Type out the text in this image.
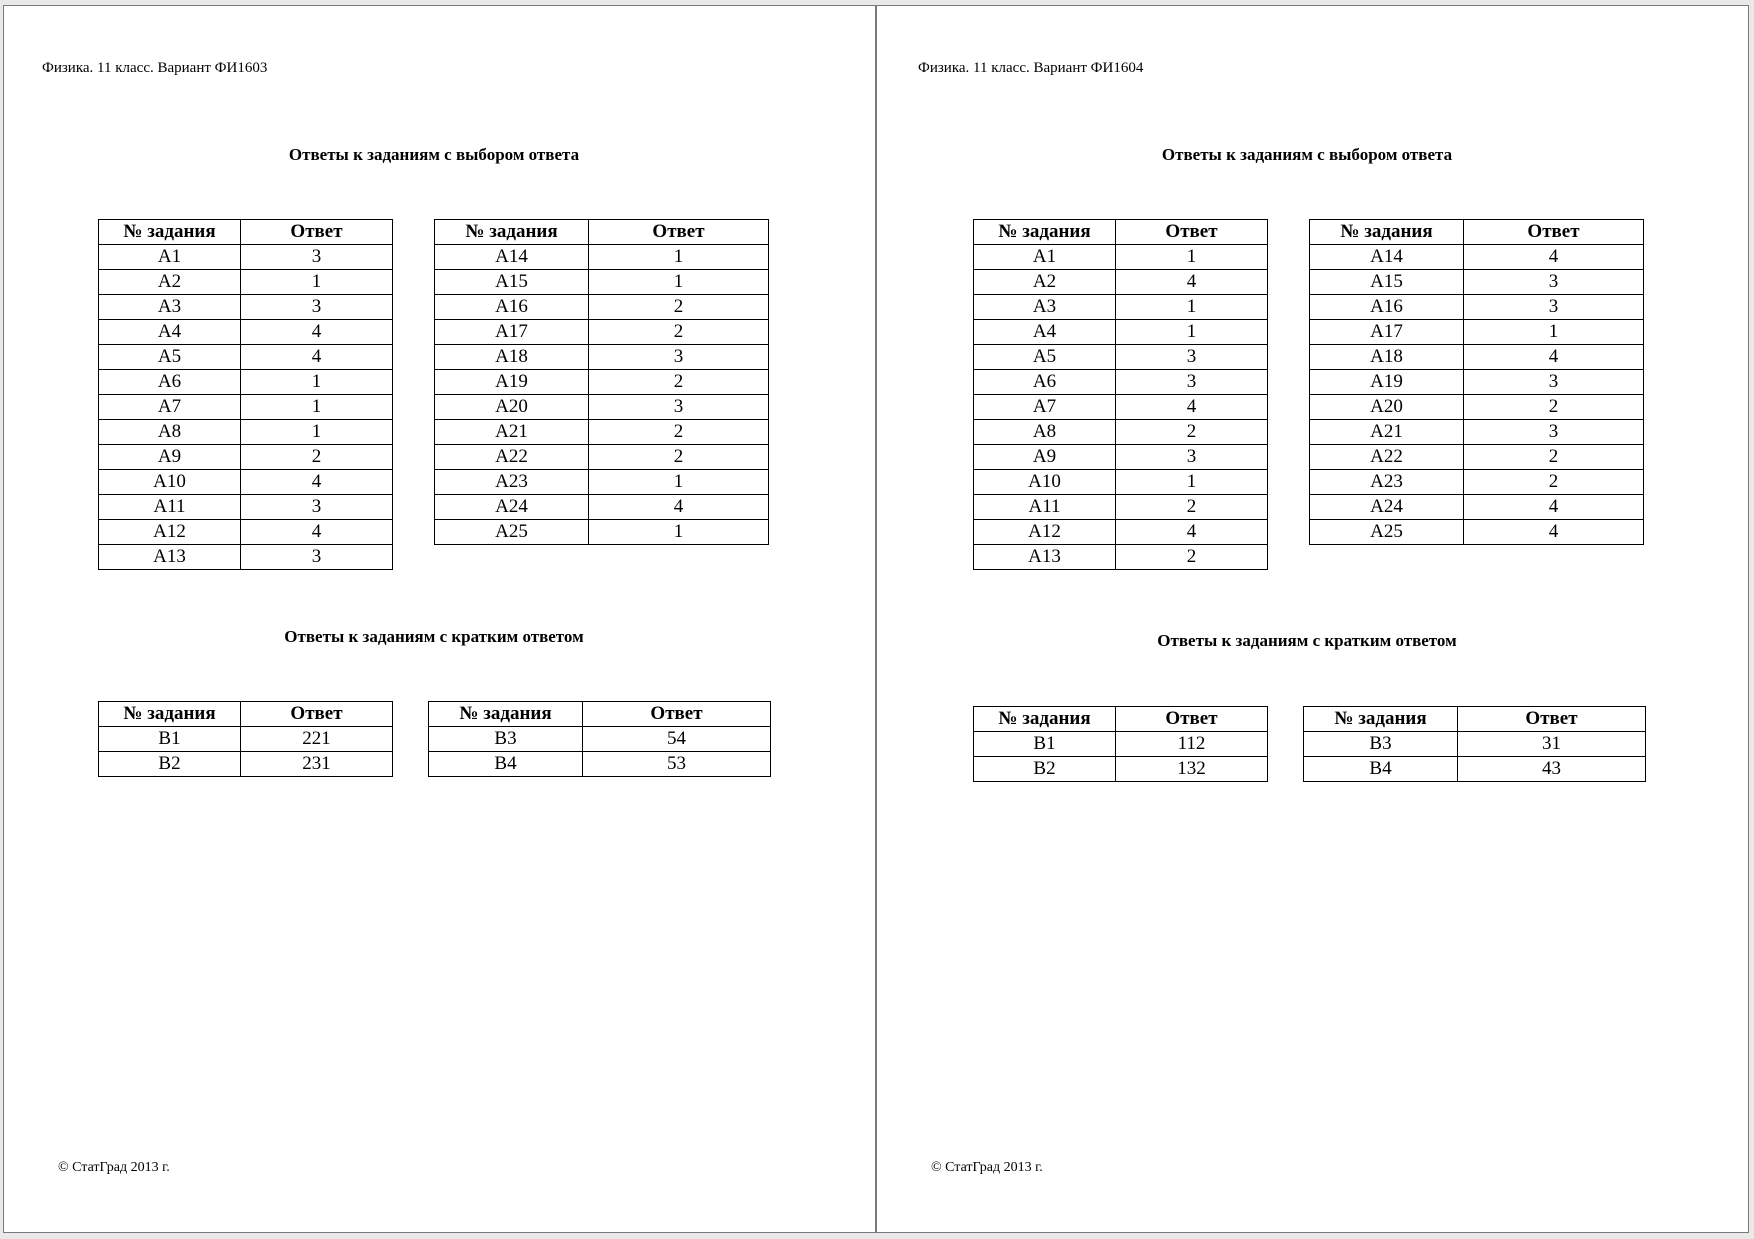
Физика. 11 класс. Вариант ФИ1603
Ответы к заданиям с выбором ответа
№ задания	Ответ
А1	3
А2	1
А3	3
А4	4
А5	4
А6	1
А7	1
А8	1
А9	2
А10	4
А11	3
А12	4
А13	3
№ задания	Ответ
А14	1
А15	1
А16	2
А17	2
А18	3
А19	2
А20	3
А21	2
А22	2
А23	1
А24	4
А25	1
Ответы к заданиям с кратким ответом
№ задания	Ответ
В1	221
В2	231
№ задания	Ответ
В3	54
В4	53
© СтатГрад 2013 г.
Физика. 11 класс. Вариант ФИ1604
Ответы к заданиям с выбором ответа
№ задания	Ответ
А1	1
А2	4
А3	1
А4	1
А5	3
А6	3
А7	4
А8	2
А9	3
А10	1
А11	2
А12	4
А13	2
№ задания	Ответ
А14	4
А15	3
А16	3
А17	1
А18	4
А19	3
А20	2
А21	3
А22	2
А23	2
А24	4
А25	4
Ответы к заданиям с кратким ответом
№ задания	Ответ
В1	112
В2	132
№ задания	Ответ
В3	31
В4	43
© СтатГрад 2013 г.
